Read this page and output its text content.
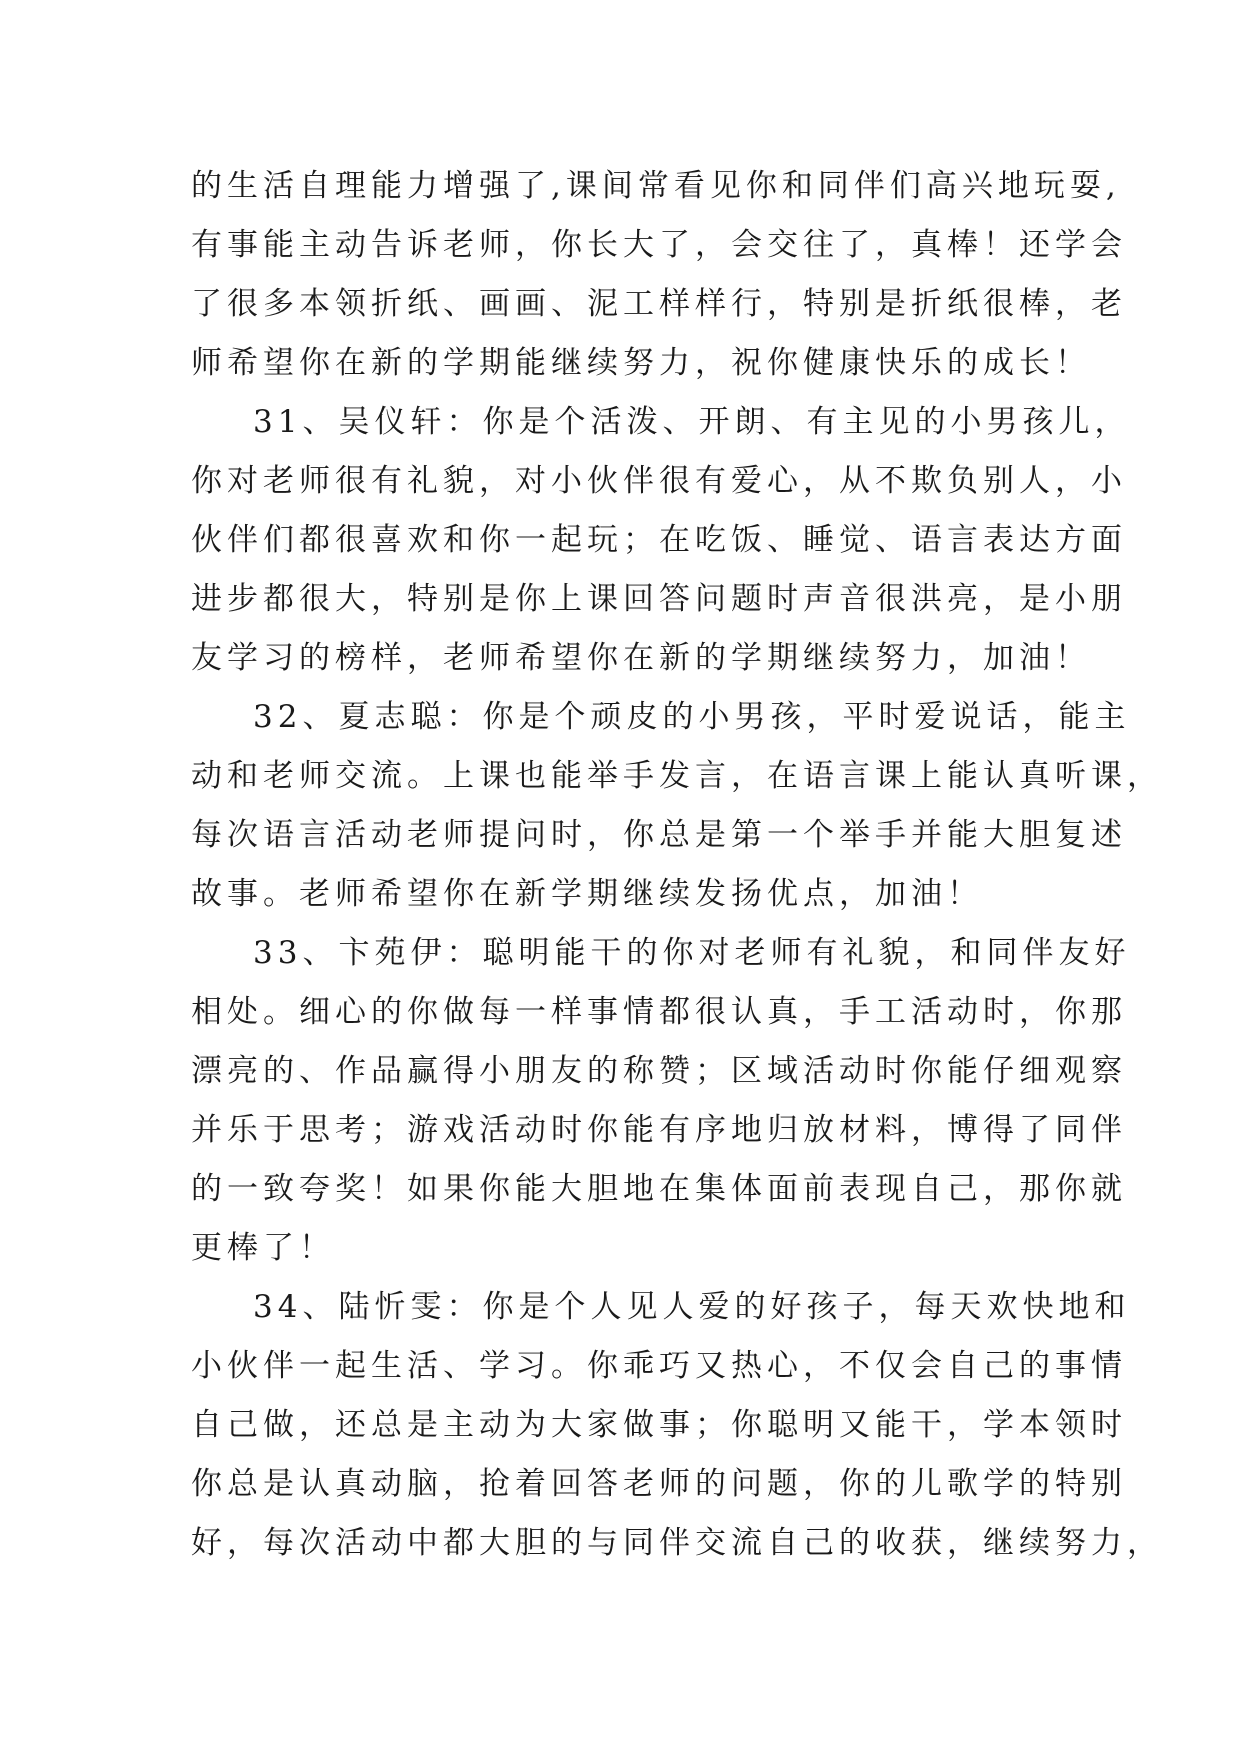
的生活自理能力增强了,课间常看见你和同伴们高兴地玩耍,
有事能主动告诉老师，你长大了，会交往了，真棒！还学会
了很多本领折纸、画画、泥工样样行，特别是折纸很棒，老
师希望你在新的学期能继续努力，祝你健康快乐的成长！
31、吴仪轩：你是个活泼、开朗、有主见的小男孩儿，
你对老师很有礼貌，对小伙伴很有爱心，从不欺负别人，小
伙伴们都很喜欢和你一起玩；在吃饭、睡觉、语言表达方面
进步都很大，特别是你上课回答问题时声音很洪亮，是小朋
友学习的榜样，老师希望你在新的学期继续努力，加油！
32、夏志聪：你是个顽皮的小男孩，平时爱说话，能主
动和老师交流。上课也能举手发言，在语言课上能认真听课，
每次语言活动老师提问时，你总是第一个举手并能大胆复述
故事。老师希望你在新学期继续发扬优点，加油！
33、卞苑伊：聪明能干的你对老师有礼貌，和同伴友好
相处。细心的你做每一样事情都很认真，手工活动时，你那
漂亮的、作品赢得小朋友的称赞；区域活动时你能仔细观察
并乐于思考；游戏活动时你能有序地归放材料，博得了同伴
的一致夸奖！如果你能大胆地在集体面前表现自己，那你就
更棒了！
34、陆忻雯：你是个人见人爱的好孩子，每天欢快地和
小伙伴一起生活、学习。你乖巧又热心，不仅会自己的事情
自己做，还总是主动为大家做事；你聪明又能干，学本领时
你总是认真动脑，抢着回答老师的问题，你的儿歌学的特别
好，每次活动中都大胆的与同伴交流自己的收获，继续努力，
